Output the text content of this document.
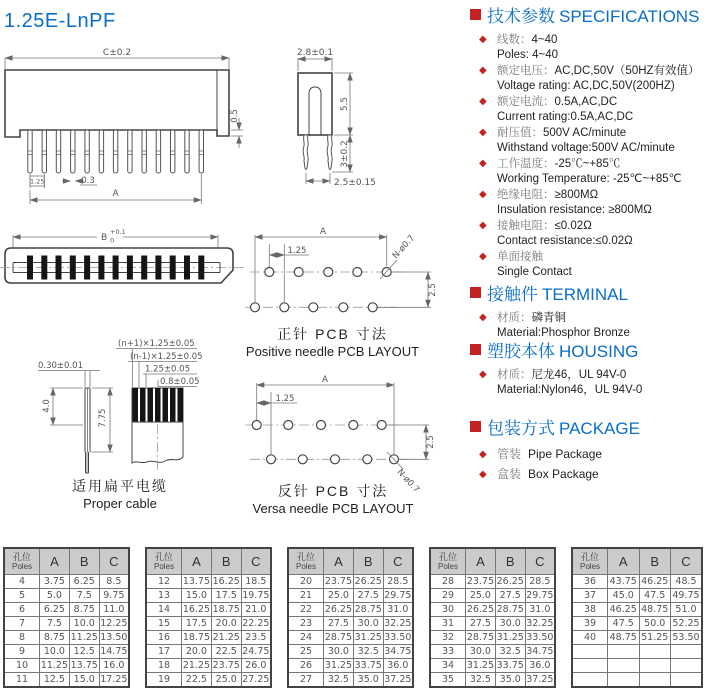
1.25E-LnPF
C±0.2
0.5
1.25	0.3
A
2.8±0.1
5.5
3±0.2
2.5±0.15
B
+0.1
0
A
1.25
2.5
N-ø0.7
正针 PCB 寸法
Positive needle PCB LAYOUT
(n+1)×1.25±0.05
(n-1)×1.25±0.05
1.25±0.05
0.8±0.05
0.30±0.01
4.0
7.75
适用扁平电缆
Proper cable
A
1.25
2.5
N-ø0.7
反针 PCB 寸法
Versa needle PCB LAYOUT
技术参数 SPECIFICATIONS
◆ 线数：4~40
Poles: 4~40
◆ 额定电压：AC,DC,50V（50HZ有效值）
Voltage rating: AC,DC,50V(200HZ)
◆ 额定电流：0.5A,AC,DC
Current rating:0.5A,AC,DC
◆ 耐压值：500V AC/minute
Withstand voltage:500V AC/minute
◆ 工作温度：-25℃~+85℃
Working Temperature: -25℃~+85℃
◆ 绝缘电阻：≥800MΩ
Insulation resistance: ≥800MΩ
◆ 接触电阻：≤0.02Ω
Contact resistance:≤0.02Ω
◆ 单面接触
Single Contact
接触件 TERMINAL
◆ 材质：磷青铜
Material:Phosphor Bronze
塑胶本体 HOUSING
◆ 材质：尼龙46，UL 94V-0
Material:Nylon46，UL 94V-0
包装方式 PACKAGE
◆ 管装 Pipe Package
◆ 盒装 Box Package
孔位
Poles	A	B	C
4	3.75	6.25	8.5
5	5.0	7.5	9.75
6	6.25	8.75	11.0
7	7.5	10.0	12.25
8	8.75	11.25	13.50
9	10.0	12.5	14.75
10	11.25	13.75	16.0
11	12.5	15.0	17.25
孔位
Poles	A	B	C
12	13.75	16.25	18.5
13	15.0	17.5	19.75
14	16.25	18.75	21.0
15	17.5	20.0	22.25
16	18.75	21.25	23.5
17	20.0	22.5	24.75
18	21.25	23.75	26.0
19	22.5	25.0	27.25
孔位
Poles	A	B	C
20	23.75	26.25	28.5
21	25.0	27.5	29.75
22	26.25	28.75	31.0
23	27.5	30.0	32.25
24	28.75	31.25	33.50
25	30.0	32.5	34.75
26	31.25	33.75	36.0
27	32.5	35.0	37.25
孔位
Poles	A	B	C
28	23.75	26.25	28.5
29	25.0	27.5	29.75
30	26.25	28.75	31.0
31	27.5	30.0	32.25
32	28.75	31.25	33.50
33	30.0	32.5	34.75
34	31.25	33.75	36.0
35	32.5	35.0	37.25
孔位
Poles	A	B	C
36	43.75	46.25	48.5
37	45.0	47.5	49.75
38	46.25	48.75	51.0
39	47.5	50.0	52.25
40	48.75	51.25	53.50
